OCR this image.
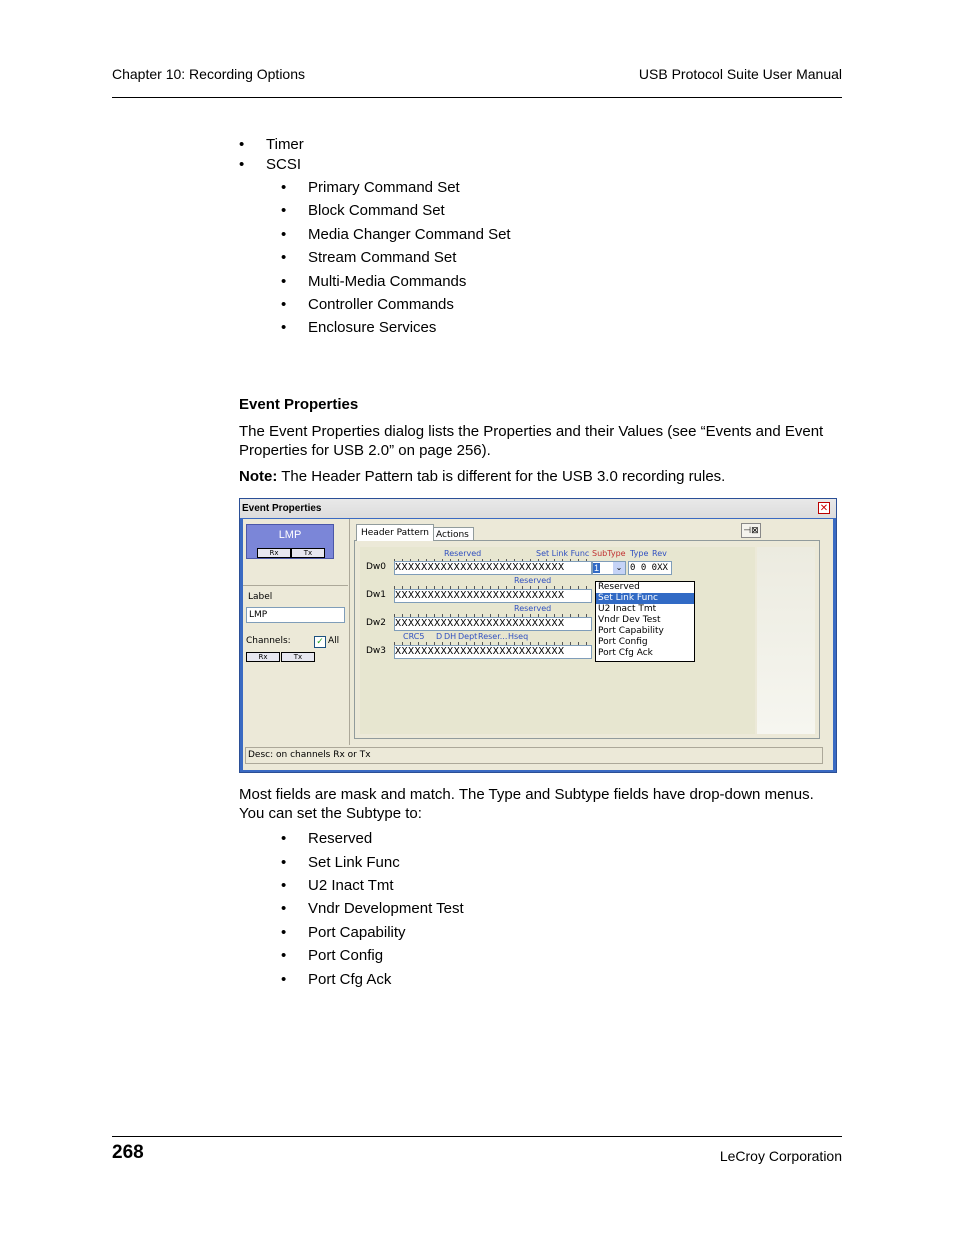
Chapter 10: Recording Options	USB Protocol Suite User Manual
• Timer
• SCSI
• Primary Command Set
• Block Command Set
• Media Changer Command Set
• Stream Command Set
• Multi-Media Commands
• Controller Commands
• Enclosure Services
Event Properties
The Event Properties dialog lists the Properties and their Values (see “Events and Event
Properties for USB 2.0” on page 256).
Note: The Header Pattern tab is different for the USB 3.0 recording rules.
Event Properties	✕
LMP
Rx	Tx
Label
LMP
Channels:	✓ All
Rx	Tx
Header Pattern Actions	⊣⊠
Reserved	Set Link Func SubType Type Rev
Dw0 XXXXXXXXXXXXXXXXXXXXXXXXXX	1	⌄ 0 0 0XX
Reserved
Dw1 XXXXXXXXXXXXXXXXXXXXXXXXXX
Reserved
Dw2 XXXXXXXXXXXXXXXXXXXXXXXXXX
CRC5 D DH Dept Reser... Hseq
Dw3 XXXXXXXXXXXXXXXXXXXXXXXXXX
Reserved
Set Link Func
U2 Inact Tmt
Vndr Dev Test
Port Capability
Port Config
Port Cfg Ack
Desc: on channels Rx or Tx
Most fields are mask and match. The Type and Subtype fields have drop-down menus.
You can set the Subtype to:
• Reserved
• Set Link Func
• U2 Inact Tmt
• Vndr Development Test
• Port Capability
• Port Config
• Port Cfg Ack
268	LeCroy Corporation
